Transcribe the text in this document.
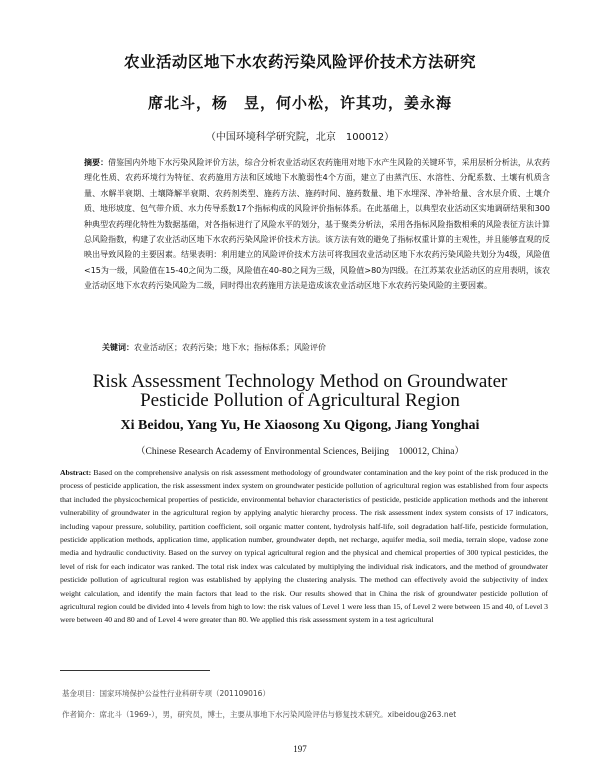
农业活动区地下水农药污染风险评价技术方法研究
席北斗，杨　昱，何小松，许其功，姜永海
（中国环境科学研究院，北京　100012）
摘要：借鉴国内外地下水污染风险评价方法，综合分析农业活动区农药施用对地下水产生风险的关键环节，采用层析分析法，从农药理化性质、农药环境行为特征、农药施用方法和区域地下水脆弱性4个方面，建立了由蒸汽压、水溶性、分配系数、土壤有机质含量、水解半衰期、土壤降解半衰期、农药剂类型、施药方法、施药时间、施药数量、地下水埋深、净补给量、含水层介质、土壤介质、地形坡度、包气带介质、水力传导系数17个指标构成的风险评价指标体系。在此基础上，以典型农业活动区实地调研结果和300种典型农药理化特性为数据基础，对各指标进行了风险水平的划分，基于聚类分析法，采用各指标风险指数相乘的风险表征方法计算总风险指数，构建了农业活动区地下水农药污染风险评价技术方法。该方法有效的避免了指标权重计算的主观性，并且能够直观的反映出导致风险的主要因素。结果表明：利用建立的风险评价技术方法可将我国农业活动区地下水农药污染风险共划分为4级，风险值<15为一级，风险值在15-40之间为二级，风险值在40-80之间为三级，风险值>80为四级。在江苏某农业活动区的应用表明，该农业活动区地下水农药污染风险为二级，同时得出农药施用方法是造成该农业活动区地下水农药污染风险的主要因素。
关键词：农业活动区；农药污染；地下水；指标体系；风险评价
Risk Assessment Technology Method on Groundwater
Pesticide Pollution of Agricultural Region
Xi Beidou, Yang Yu, He Xiaosong Xu Qigong, Jiang Yonghai
（Chinese Research Academy of Environmental Sciences, Beijing　100012, China）
Abstract: Based on the comprehensive analysis on risk assessment methodology of groundwater contamination and the key point of the risk produced in the process of pesticide application, the risk assessment index system on groundwater pesticide pollution of agricultural region was established from four aspects that included the physicochemical properties of pesticide, environmental behavior characteristics of pesticide, pesticide application methods and the inherent vulnerability of groundwater in the agricultural region by applying analytic hierarchy process. The risk assessment index system consists of 17 indicators, including vapour pressure, solubility, partition coefficient, soil organic matter content, hydrolysis half-life, soil degradation half-life, pesticide formulation, pesticide application methods, application time, application number, groundwater depth, net recharge, aquifer media, soil media, terrain slope, vadose zone media and hydraulic conductivity. Based on the survey on typical agricultural region and the physical and chemical properties of 300 typical pesticides, the level of risk for each indicator was ranked. The total risk index was calculated by multiplying the individual risk indicators, and the method of groundwater pesticide pollution of agricultural region was established by applying the clustering analysis. The method can effectively avoid the subjectivity of index weight calculation, and identify the main factors that lead to the risk. Our results showed that in China the risk of groundwater pesticide pollution of agricultural region could be divided into 4 levels from high to low: the risk values of Level 1 were less than 15, of Level 2 were between 15 and 40, of Level 3 were between 40 and 80 and of Level 4 were greater than 80. We applied this risk assessment system in a test agricultural
基金项目：国家环境保护公益性行业科研专项（201109016）
作者简介：席北斗（1969-），男，研究员，博士，主要从事地下水污染风险评估与修复技术研究。xibeidou@263.net
197
